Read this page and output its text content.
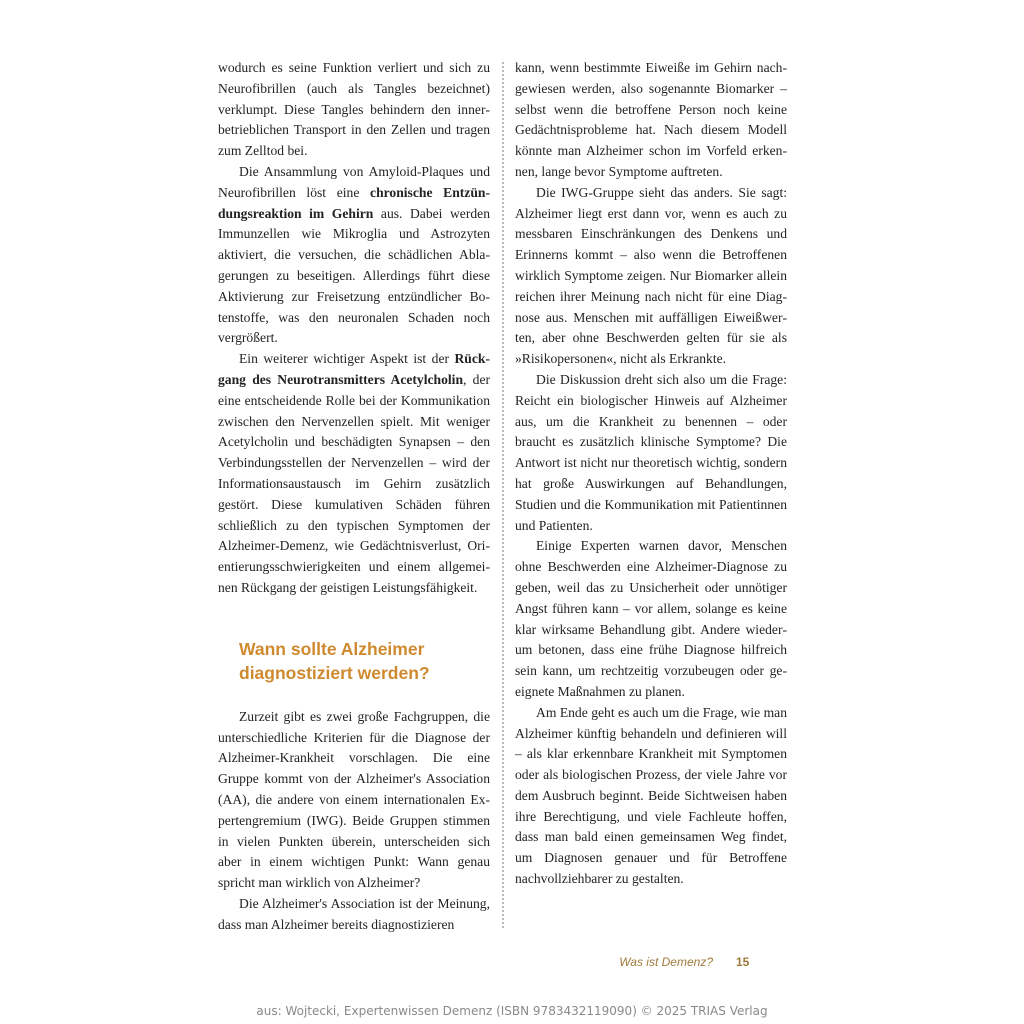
wodurch es seine Funktion verliert und sich zu Neurofibrillen (auch als Tangles bezeichnet) verklumpt. Diese Tangles behindern den innerbetrieblichen Transport in den Zellen und tragen zum Zelltod bei.

Die Ansammlung von Amyloid-Plaques und Neurofibrillen löst eine chronische Entzündungsreaktion im Gehirn aus. Dabei werden Immunzellen wie Mikroglia und Astrozyten aktiviert, die versuchen, die schädlichen Ablagerungen zu beseitigen. Allerdings führt diese Aktivierung zur Freisetzung entzündlicher Botenstoffe, was den neuronalen Schaden noch vergrößert.

Ein weiterer wichtiger Aspekt ist der Rückgang des Neurotransmitters Acetylcholin, der eine entscheidende Rolle bei der Kommunikation zwischen den Nervenzellen spielt. Mit weniger Acetylcholin und beschädigten Synapsen – den Verbindungsstellen der Nervenzellen – wird der Informationsaustausch im Gehirn zusätzlich gestört. Diese kumulativen Schäden führen schließlich zu den typischen Symptomen der Alzheimer-Demenz, wie Gedächtnisverlust, Orientierungsschwierigkeiten und einem allgemeinen Rückgang der geistigen Leistungsfähigkeit.

Wann sollte Alzheimer
diagnostiziert werden?

Zurzeit gibt es zwei große Fachgruppen, die unterschiedliche Kriterien für die Diagnose der Alzheimer-Krankheit vorschlagen. Die eine Gruppe kommt von der Alzheimer's Association (AA), die andere von einem internationalen Expertengremium (IWG). Beide Gruppen stimmen in vielen Punkten überein, unterscheiden sich aber in einem wichtigen Punkt: Wann genau spricht man wirklich von Alzheimer?

Die Alzheimer's Association ist der Meinung, dass man Alzheimer bereits diagnostizieren

kann, wenn bestimmte Eiweiße im Gehirn nachgewiesen werden, also sogenannte Biomarker – selbst wenn die betroffene Person noch keine Gedächtnisprobleme hat. Nach diesem Modell könnte man Alzheimer schon im Vorfeld erkennen, lange bevor Symptome auftreten.

Die IWG-Gruppe sieht das anders. Sie sagt: Alzheimer liegt erst dann vor, wenn es auch zu messbaren Einschränkungen des Denkens und Erinnerns kommt – also wenn die Betroffenen wirklich Symptome zeigen. Nur Biomarker allein reichen ihrer Meinung nach nicht für eine Diagnose aus. Menschen mit auffälligen Eiweißwerten, aber ohne Beschwerden gelten für sie als »Risikopersonen«, nicht als Erkrankte.

Die Diskussion dreht sich also um die Frage: Reicht ein biologischer Hinweis auf Alzheimer aus, um die Krankheit zu benennen – oder braucht es zusätzlich klinische Symptome? Die Antwort ist nicht nur theoretisch wichtig, sondern hat große Auswirkungen auf Behandlungen, Studien und die Kommunikation mit Patientinnen und Patienten.

Einige Experten warnen davor, Menschen ohne Beschwerden eine Alzheimer-Diagnose zu geben, weil das zu Unsicherheit oder unnötiger Angst führen kann – vor allem, solange es keine klar wirksame Behandlung gibt. Andere wiederum betonen, dass eine frühe Diagnose hilfreich sein kann, um rechtzeitig vorzubeugen oder geeignete Maßnahmen zu planen.

Am Ende geht es auch um die Frage, wie man Alzheimer künftig behandeln und definieren will – als klar erkennbare Krankheit mit Symptomen oder als biologischen Prozess, der viele Jahre vor dem Ausbruch beginnt. Beide Sichtweisen haben ihre Berechtigung, und viele Fachleute hoffen, dass man bald einen gemeinsamen Weg findet, um Diagnosen genauer und für Betroffene nachvollziehbarer zu gestalten.

Was ist Demenz? 15
aus: Wojtecki, Expertenwissen Demenz (ISBN 9783432119090) © 2025 TRIAS Verlag
